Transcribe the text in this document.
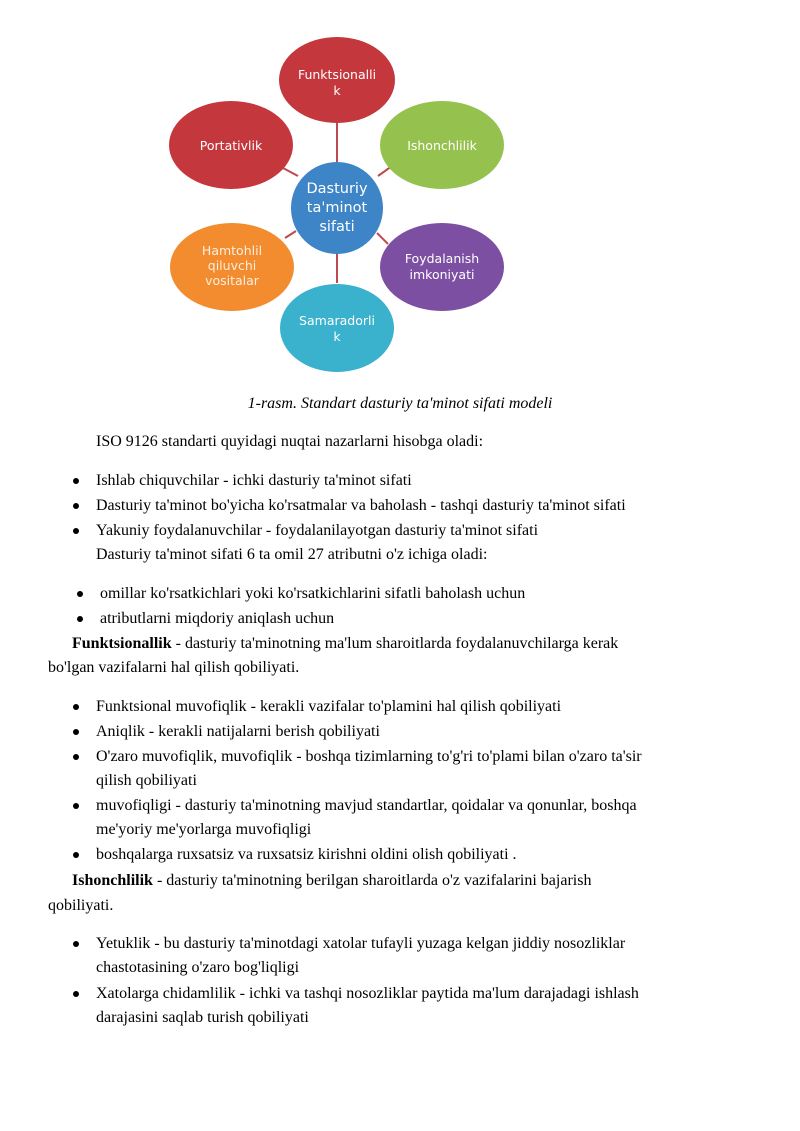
Funktsionalli k
Ishonchlilik
Foydalanish imkoniyati
Samaradorli k
Hamtohlil qiluvchi vositalar
Portativlik
Dasturiy ta'minot sifati
1-rasm. Standart dasturiy ta'minot sifati modeli
ISO 9126 standarti quyidagi nuqtai nazarlarni hisobga oladi:
Ishlab chiquvchilar - ichki dasturiy ta'minot sifati
Dasturiy ta'minot bo'yicha ko'rsatmalar va baholash - tashqi dasturiy ta'minot sifati
Yakuniy foydalanuvchilar - foydalanilayotgan dasturiy ta'minot sifati
Dasturiy ta'minot sifati 6 ta omil 27 atributni o'z ichiga oladi:
omillar ko'rsatkichlari yoki ko'rsatkichlarini sifatli baholash uchun
atributlarni miqdoriy aniqlash uchun
Funktsionallik - dasturiy ta'minotning ma'lum sharoitlarda foydalanuvchilarga kerak
bo'lgan vazifalarni hal qilish qobiliyati.
Funktsional muvofiqlik - kerakli vazifalar to'plamini hal qilish qobiliyati
Aniqlik - kerakli natijalarni berish qobiliyati
O'zaro muvofiqlik, muvofiqlik - boshqa tizimlarning to'g'ri to'plami bilan o'zaro ta'sir
qilish qobiliyati
muvofiqligi - dasturiy ta'minotning mavjud standartlar, qoidalar va qonunlar, boshqa
me'yoriy me'yorlarga muvofiqligi
boshqalarga ruxsatsiz va ruxsatsiz kirishni oldini olish qobiliyati .
Ishonchlilik - dasturiy ta'minotning berilgan sharoitlarda o'z vazifalarini bajarish
qobiliyati.
Yetuklik - bu dasturiy ta'minotdagi xatolar tufayli yuzaga kelgan jiddiy nosozliklar
chastotasining o'zaro bog'liqligi
Xatolarga chidamlilik - ichki va tashqi nosozliklar paytida ma'lum darajadagi ishlash
darajasini saqlab turish qobiliyati
